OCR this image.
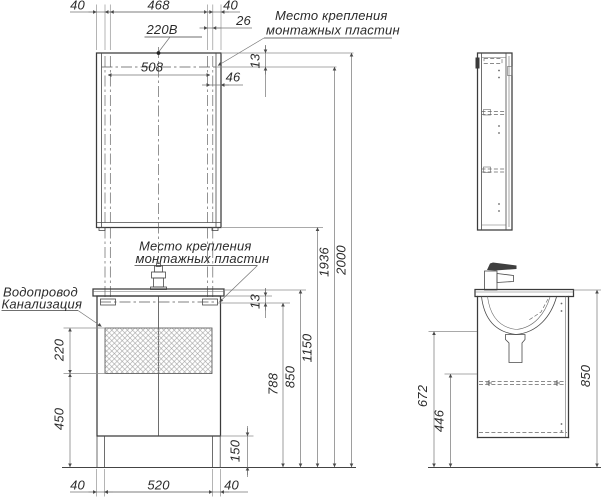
40	468	40
26
220В
508
46
13
Место крепления
монтажных пластин
Место крепления
монтажных пластин
Водопровод
Канализация	13
788 850
1150
1936 2000
220
450
40	520	40
150
672
446
850
